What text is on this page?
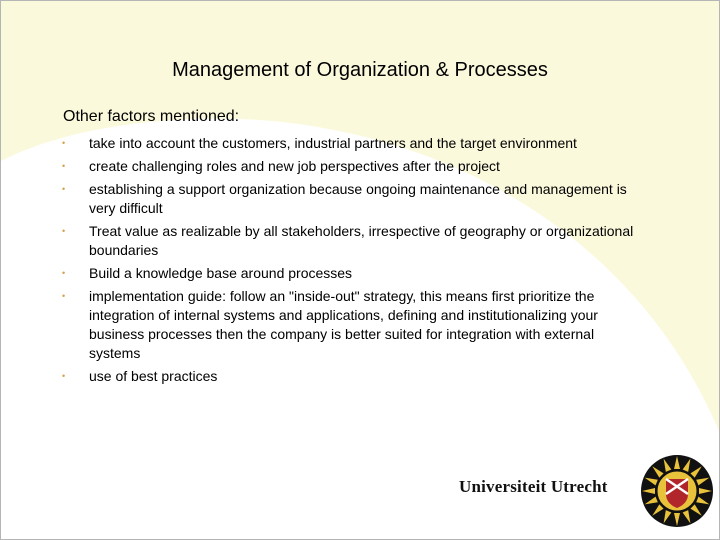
Management of Organization & Processes
Other factors mentioned:
• take into account the customers, industrial partners and the target environment
• create challenging roles and new job perspectives after the project
• establishing a support organization because ongoing maintenance and management is very difficult
• Treat value as realizable by all stakeholders, irrespective of geography or organizational boundaries
• Build a knowledge base around processes
• implementation guide: follow an "inside-out" strategy, this means first prioritize the integration of internal systems and applications, defining and institutionalizing your business processes then the company is better suited for integration with external systems
• use of best practices
Universiteit Utrecht
